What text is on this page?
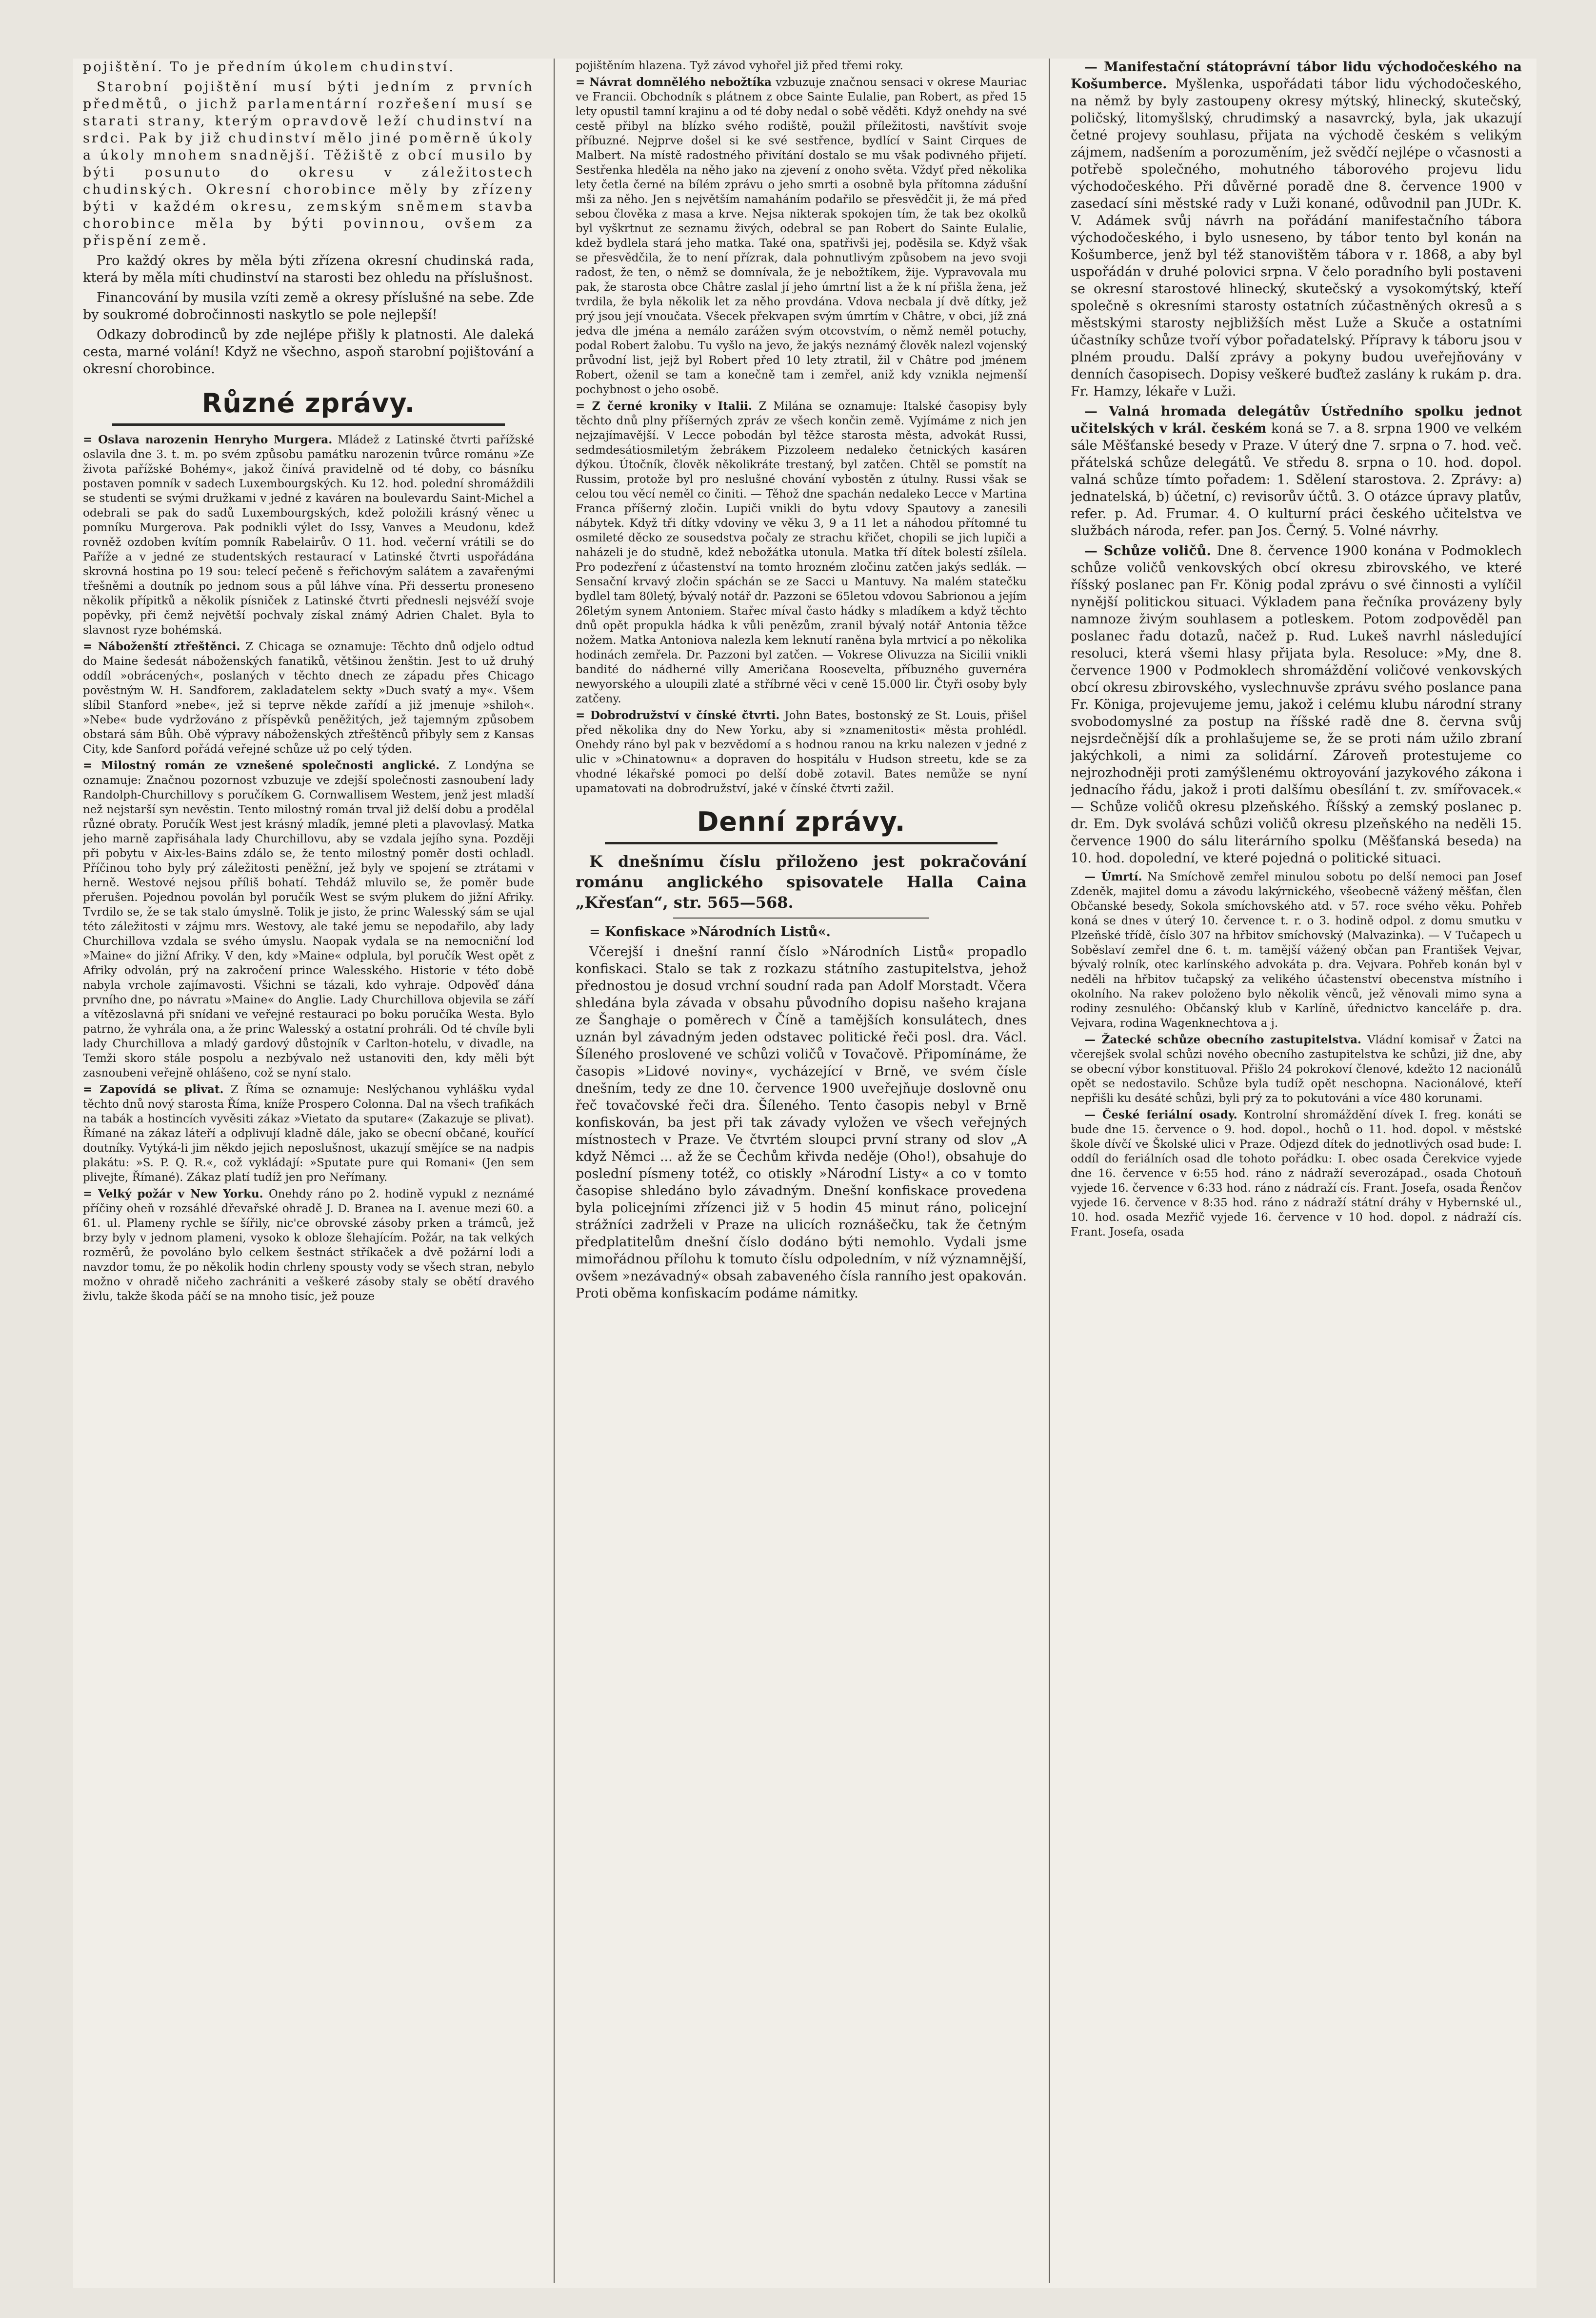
pojištění. To je předním úkolem chudinství.

Starobní pojištění musí býti jedním z prvních předmětů, o jichž parlamentární rozřešení musí se starati strany, kterým opravdově leží chudinství na srdci. Pak by již chudinství mělo jiné poměrně úkoly a úkoly mnohem snadnější. Těžiště z obcí musilo by býti posunuto do okresu v záležitostech chudinských. Okresní chorobince měly by zřízeny býti v každém okresu, zemským sněmem stavba chorobince měla by býti povinnou, ovšem za přispění země.

Pro každý okres by měla býti zřízena okresní chudinská rada, která by měla míti chudinství na starosti bez ohledu na příslušnost.

Financování by musila vzíti země a okresy příslušné na sebe. Zde by soukromé dobročinnosti naskytlo se pole nejlepší!

Odkazy dobrodinců by zde nejlépe přišly k platnosti. Ale daleká cesta, marné volání! Když ne všechno, aspoň starobní pojištování a okresní chorobince.

Různé zprávy.

= Oslava narozenin Henryho Murgera. Mládež z Latinské čtvrti pařížské oslavila dne 3. t. m. po svém způsobu památku narozenin tvůrce románu »Ze života pařížské Bohémy«, jakož činívá pravidelně od té doby, co básníku postaven pomník v sadech Luxembourgských. Ku 12. hod. polední shromáždili se studenti se svými družkami v jedné z kaváren na boulevardu Saint-Michel a odebrali se pak do sadů Luxembourgských, kdež položili krásný věnec u pomníku Murgerova. Pak podnikli výlet do Issy, Vanves a Meudonu, kdež rovněž ozdoben kvítím pomník Rabelairův. O 11. hod. večerní vrátili se do Paříže a v jedné ze studentských restaurací v Latinské čtvrti uspořádána skrovná hostina po 19 sou: telecí pečeně s řeřichovým salátem a zavařenými třešněmi a doutník po jednom sous a půl láhve vína. Při dessertu proneseno několik přípitků a několik písniček z Latinské čtvrti přednesli nejsvéží svoje popěvky, při čemž největší pochvaly získal známý Adrien Chalet. Byla to slavnost ryze bohémská.

= Náboženští ztřeštěnci. Z Chicaga se oznamuje: Těchto dnů odjelo odtud do Maine šedesát náboženských fanatiků, většinou ženštin. Jest to už druhý oddíl »obrácených«, poslaných v těchto dnech ze západu přes Chicago pověstným W. H. Sandforem, zakladatelem sekty »Duch svatý a my«. Všem slíbil Stanford »nebe«, jež si teprve někde zařídí a již jmenuje »shiloh«. »Nebe« bude vydržováno z příspěvků peněžitých, jež tajemným způsobem obstará sám Bůh. Obě výpravy náboženských ztřeštěnců přibyly sem z Kansas City, kde Sanford pořádá veřejné schůze už po celý týden.

= Milostný román ze vznešené společnosti anglické. Z Londýna se oznamuje: Značnou pozornost vzbuzuje ve zdejší společnosti zasnoubení lady Randolph-Churchillovy s poručíkem G. Cornwallisem Westem, jenž jest mladší než nejstarší syn nevěstin. Tento milostný román trval již delší dobu a prodělal různé obraty. Poručík West jest krásný mladík, jemné pleti a plavovlasý. Matka jeho marně zapřisáhala lady Churchillovu, aby se vzdala jejího syna. Později při pobytu v Aix-les-Bains zdálo se, že tento milostný poměr dosti ochladl. Příčinou toho byly prý záležitosti peněžní, jež byly ve spojení se ztrátami v herně. Westové nejsou příliš bohatí. Tehdáž mluvilo se, že poměr bude přerušen. Pojednou povolán byl poručík West se svým plukem do jižní Afriky. Tvrdilo se, že se tak stalo úmyslně. Tolik je jisto, že princ Walesský sám se ujal této záležitosti v zájmu mrs. Westovy, ale také jemu se nepodařilo, aby lady Churchillova vzdala se svého úmyslu. Naopak vydala se na nemocniční loď »Maine« do jižní Afriky. V den, kdy »Maine« odplula, byl poručík West opět z Afriky odvolán, prý na zakročení prince Walesského. Historie v této době nabyla vrchole zajímavosti. Všichni se tázali, kdo vyhraje. Odpověď dána prvního dne, po návratu »Maine« do Anglie. Lady Churchillova objevila se září a vítězoslavná při snídani ve veřejné restauraci po boku poručíka Westa. Bylo patrno, že vyhrála ona, a že princ Walesský a ostatní prohráli. Od té chvíle byli lady Churchillova a mladý gardový důstojník v Carlton-hotelu, v divadle, na Temži skoro stále pospolu a nezbývalo než ustanoviti den, kdy měli být zasnoubeni veřejně ohlášeno, což se nyní stalo.

= Zapovídá se plivat. Z Říma se oznamuje: Neslýchanou vyhlášku vydal těchto dnů nový starosta Říma, kníže Prospero Colonna. Dal na všech trafikách na tabák a hostincích vyvěsiti zákaz »Vietato da sputare« (Zakazuje se plivat). Římané na zákaz láteří a odplivují kladně dále, jako se obecní občané, kouřící doutníky. Vytýká-li jim někdo jejich neposlušnost, ukazují smějíce se na nadpis plakátu: »S. P. Q. R.«, což vykládají: »Sputate pure qui Romani« (Jen sem plivejte, Římané). Zákaz platí tudíž jen pro Neřímany.

= Velký požár v New Yorku. Onehdy ráno po 2. hodině vypukl z neznámé příčiny oheň v rozsáhlé dřevařské ohradě J. D. Branea na I. avenue mezi 60. a 61. ul. Plameny rychle se šířily, nic'ce obrovské zásoby prken a trámců, jež brzy byly v jednom plameni, vysoko k obloze šlehajícím. Požár, na tak velkých rozměrů, že povoláno bylo celkem šestnáct stříkaček a dvě požární lodi a navzdor tomu, že po několik hodin chrleny spousty vody se všech stran, nebylo možno v ohradě ničeho zachrániti a veškeré zásoby staly se obětí dravého živlu, takže škoda páčí se na mnoho tisíc, jež pouze

pojištěním hlazena. Tyž závod vyhořel již před třemi roky.

= Návrat domnělého nebožtíka vzbuzuje značnou sensaci v okrese Mauriac ve Francii. Obchodník s plátnem z obce Sainte Eulalie, pan Robert, as před 15 lety opustil tamní krajinu a od té doby nedal o sobě věděti. Když onehdy na své cestě přibyl na blízko svého rodiště, použil příležitosti, navštívit svoje příbuzné. Nejprve došel si ke své sestřence, bydlící v Saint Cirques de Malbert. Na místě radostného přivítání dostalo se mu však podivného přijetí. Sestřenka hleděla na něho jako na zjevení z onoho světa. Vždyť před několika lety četla černé na bílém zprávu o jeho smrti a osobně byla přítomna zádušní mši za něho. Jen s největším namaháním podařilo se přesvědčit ji, že má před sebou člověka z masa a krve. Nejsa nikterak spokojen tím, že tak bez okolků byl vyškrtnut ze seznamu živých, odebral se pan Robert do Sainte Eulalie, kdež bydlela stará jeho matka. Také ona, spatřivši jej, poděsila se. Když však se přesvědčila, že to není přízrak, dala pohnutlivým způsobem na jevo svoji radost, že ten, o němž se domnívala, že je nebožtíkem, žije. Vypravovala mu pak, že starosta obce Châtre zaslal jí jeho úmrtní list a že k ní přišla žena, jež tvrdila, že byla několik let za něho provdána. Vdova necbala jí dvě dítky, jež prý jsou její vnoučata. Všecek překvapen svým úmrtím v Châtre, v obci, jíž zná jedva dle jména a nemálo zarážen svým otcovstvím, o němž neměl potuchy, podal Robert žalobu. Tu vyšlo na jevo, že jakýs neznámý člověk nalezl vojenský průvodní list, jejž byl Robert před 10 lety ztratil, žil v Châtre pod jménem Robert, oženil se tam a konečně tam i zemřel, aniž kdy vznikla nejmenší pochybnost o jeho osobě.

= Z černé kroniky v Italii. Z Milána se oznamuje: Italské časopisy byly těchto dnů plny příšerných zpráv ze všech končin země. Vyjímáme z nich jen nejzajímavější. V Lecce pobodán byl těžce starosta města, advokát Russi, sedmdesátiosmiletým žebrákem Pizzoleem nedaleko četnických kasáren dýkou. Útočník, člověk několikráte trestaný, byl zatčen. Chtěl se pomstít na Russim, protože byl pro neslušné chování vybostěn z útulny. Russi však se celou tou věcí neměl co činiti. — Těhož dne spachán nedaleko Lecce v Martina Franca příšerný zločin. Lupiči vnikli do bytu vdovy Spautovy a zanesili nábytek. Když tři dítky vdoviny ve věku 3, 9 a 11 let a náhodou přítomné tu osmileté děcko ze sousedstva počaly ze strachu křičet, chopili se jich lupiči a naházeli je do studně, kdež nebožátka utonula. Matka tří dítek bolestí zšílela. Pro podezření z účastenství na tomto hrozném zločinu zatčen jakýs sedlák. — Sensační krvavý zločin spáchán se ze Sacci u Mantuvy. Na malém statečku bydlel tam 80letý, bývalý notář dr. Pazzoni se 65letou vdovou Sabrionou a jejím 26letým synem Antoniem. Stařec míval často hádky s mladíkem a když těchto dnů opět propukla hádka k vůli penězům, zranil bývalý notář Antonia těžce nožem. Matka Antoniova nalezla kem leknutí raněna byla mrtvicí a po několika hodinách zemřela. Dr. Pazzoni byl zatčen. — Vokrese Olivuzza na Sicilii vnikli bandité do nádherné villy Američana Roosevelta, příbuzného guvernéra newyorského a uloupili zlaté a stříbrné věci v ceně 15.000 lir. Čtyři osoby byly zatčeny.

= Dobrodružství v čínské čtvrti. John Bates, bostonský ze St. Louis, přišel před několika dny do New Yorku, aby si »znamenitosti« města prohlédl. Onehdy ráno byl pak v bezvědomí a s hodnou ranou na krku nalezen v jedné z ulic v »Chinatownu« a dopraven do hospitálu v Hudson streetu, kde se za vhodné lékařské pomoci po delší době zotavil. Bates nemůže se nyní upamatovati na dobrodružství, jaké v čínské čtvrti zažil.

Denní zprávy.

K dnešnímu číslu přiloženo jest pokračování románu anglického spisovatele Halla Caina „Křesťan“, str. 565—568.

= Konfiskace »Národních Listů«.

Včerejší i dnešní ranní číslo »Národních Listů« propadlo konfiskaci. Stalo se tak z rozkazu státního zastupitelstva, jehož přednostou je dosud vrchní soudní rada pan Adolf Morstadt. Včera shledána byla závada v obsahu původního dopisu našeho krajana ze Šanghaje o poměrech v Číně a tamějších konsulátech, dnes uznán byl závadným jeden odstavec politické řeči posl. dra. Václ. Šíleného proslovené ve schůzi voličů v Tovačově. Připomínáme, že časopis »Lidové noviny«, vycházející v Brně, ve svém čísle dnešním, tedy ze dne 10. července 1900 uveřejňuje doslovně onu řeč tovačovské řeči dra. Šíleného. Tento časopis nebyl v Brně konfiskován, ba jest při tak závady vyložen ve všech veřejných místnostech v Praze. Ve čtvrtém sloupci první strany od slov „A když Němci ... až že se Čechům křivda neděje (Oho!), obsahuje do poslední písmeny totéž, co otiskly »Národní Listy« a co v tomto časopise shledáno bylo závadným. Dnešní konfiskace provedena byla policejními zřízenci již v 5 hodin 45 minut ráno, policejní strážníci zadrželi v Praze na ulicích roznášečku, tak že četným předplatitelům dnešní číslo dodáno býti nemohlo. Vydali jsme mimořádnou přílohu k tomuto číslu odpoledním, v níž významnější, ovšem »nezávadný« obsah zabaveného čísla ranního jest opakován. Proti oběma konfiskacím podáme námitky.

— Manifestační státoprávní tábor lidu východočeského na Košumberce. Myšlenka, uspořádati tábor lidu východočeského, na němž by byly zastoupeny okresy mýtský, hlinecký, skutečský, poličský, litomyšlský, chrudimský a nasavrcký, byla, jak ukazují četné projevy souhlasu, přijata na východě českém s velikým zájmem, nadšením a porozuměním, jež svědčí nejlépe o včasnosti a potřebě společného, mohutného táborového projevu lidu východočeského. Při důvěrné poradě dne 8. července 1900 v zasedací síni městské rady v Luži konané, odůvodnil pan JUDr. K. V. Adámek svůj návrh na pořádání manifestačního tábora východočeského, i bylo usneseno, by tábor tento byl konán na Košumberce, jenž byl též stanovištěm tábora v r. 1868, a aby byl uspořádán v druhé polovici srpna. V čelo poradního byli postaveni se okresní starostové hlinecký, skutečský a vysokomýtský, kteří společně s okresními starosty ostatních zúčastněných okresů a s městskými starosty nejbližších měst Luže a Skuče a ostatními účastníky schůze tvoří výbor pořadatelský. Přípravy k táboru jsou v plném proudu. Další zprávy a pokyny budou uveřejňovány v denních časopisech. Dopisy veškeré buďtež zaslány k rukám p. dra. Fr. Hamzy, lékaře v Luži.

— Valná hromada delegátův Ústředního spolku jednot učitelských v král. českém koná se 7. a 8. srpna 1900 ve velkém sále Měšťanské besedy v Praze. V úterý dne 7. srpna o 7. hod. več. přátelská schůze delegátů. Ve středu 8. srpna o 10. hod. dopol. valná schůze tímto pořadem: 1. Sdělení starostova. 2. Zprávy: a) jednatelská, b) účetní, c) revisorův účtů. 3. O otázce úpravy platův, refer. p. Ad. Frumar. 4. O kulturní práci českého učitelstva ve službách národa, refer. pan Jos. Černý. 5. Volné návrhy.

— Schůze voličů. Dne 8. července 1900 konána v Podmoklech schůze voličů venkovských obcí okresu zbirovského, ve které říšský poslanec pan Fr. König podal zprávu o své činnosti a vylíčil nynější politickou situaci. Výkladem pana řečníka provázeny byly namnoze živým souhlasem a potleskem. Potom zodpověděl pan poslanec řadu dotazů, načež p. Rud. Lukeš navrhl následující resoluci, která všemi hlasy přijata byla. Resoluce: »My, dne 8. července 1900 v Podmoklech shromáždění voličové venkovských obcí okresu zbirovského, vyslechnuvše zprávu svého poslance pana Fr. Königa, projevujeme jemu, jakož i celému klubu národní strany svobodomyslné za postup na říšské radě dne 8. června svůj nejsrdečnější dík a prohlašujeme se, že se proti nám užilo zbraní jakýchkoli, a nimi za solidární. Zároveň protestujeme co nejrozhodněji proti zamýšlenému oktroyování jazykového zákona i jednacího řádu, jakož i proti dalšímu obesílání t. zv. smířovacek.« — Schůze voličů okresu plzeňského. Říšský a zemský poslanec p. dr. Em. Dyk svolává schůzi voličů okresu plzeňského na neděli 15. července 1900 do sálu literárního spolku (Měšťanská beseda) na 10. hod. dopolední, ve které pojedná o politické situaci.

— Úmrtí. Na Smíchově zemřel minulou sobotu po delší nemoci pan Josef Zdeněk, majitel domu a závodu lakýrnického, všeobecně vážený měšťan, člen Občanské besedy, Sokola smíchovského atd. v 57. roce svého věku. Pohřeb koná se dnes v úterý 10. července t. r. o 3. hodině odpol. z domu smutku v Plzeňské třídě, číslo 307 na hřbitov smíchovský (Malvazinka). — V Tučapech u Soběslaví zemřel dne 6. t. m. tamější vážený občan pan František Vejvar, bývalý rolník, otec karlínského advokáta p. dra. Vejvara. Pohřeb konán byl v neděli na hřbitov tučapský za velikého účastenství obecenstva místního i okolního. Na rakev položeno bylo několik věnců, jež věnovali mimo syna a rodiny zesnulého: Občanský klub v Karlíně, úřednictvo kanceláře p. dra. Vejvara, rodina Wagenknechtova a j.

— Žatecké schůze obecního zastupitelstva. Vládní komisař v Žatci na včerejšek svolal schůzi nového obecního zastupitelstva ke schůzi, již dne, aby se obecní výbor konstituoval. Přišlo 24 pokrokoví členové, kdežto 12 nacionálů opět se nedostavilo. Schůze byla tudíž opět neschopna. Nacionálové, kteří nepřišli ku desáté schůzi, byli prý za to pokutováni a více 480 korunami.

— České feriální osady. Kontrolní shromáždění dívek I. freg. konáti se bude dne 15. července o 9. hod. dopol., hochů o 11. hod. dopol. v městské škole dívčí ve Školské ulici v Praze. Odjezd dítek do jednotlivých osad bude: I. oddíl do feriálních osad dle tohoto pořádku: I. obec osada Čerekvice vyjede dne 16. července v 6:55 hod. ráno z nádraží severozápad., osada Chotouň vyjede 16. července v 6:33 hod. ráno z nádraží cís. Frant. Josefa, osada Řenčov vyjede 16. července v 8:35 hod. ráno z nádraží státní dráhy v Hybernské ul., 10. hod. osada Mezřič vyjede 16. července v 10 hod. dopol. z nádraží cís. Frant. Josefa, osada
